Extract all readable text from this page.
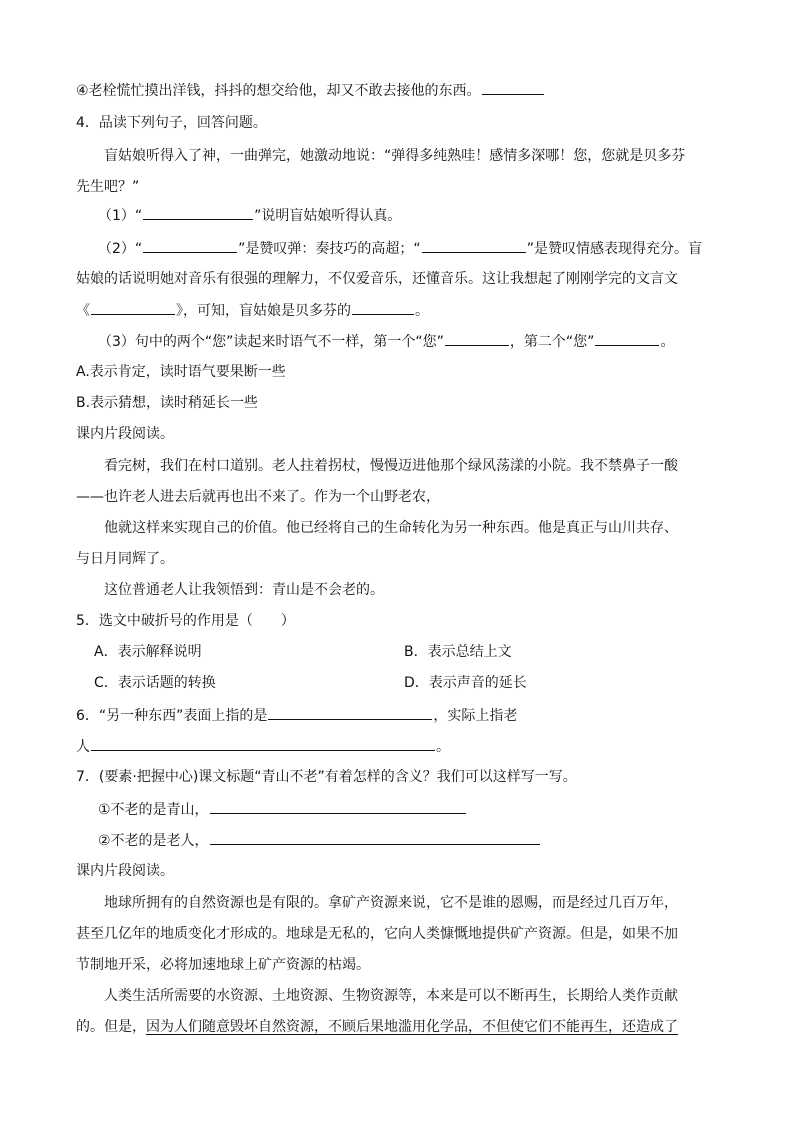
④老栓慌忙摸出洋钱，抖抖的想交给他，却又不敢去接他的东西。
4．品读下列句子，回答问题。
盲姑娘听得入了神，一曲弹完，她激动地说：“弹得多纯熟哇！感情多深哪！您，您就是贝多芬
先生吧？”
（1）“	”说明盲姑娘听得认真。
（2）“	”是赞叹弹：奏技巧的高超；“	”是赞叹情感表现得充分。盲
姑娘的话说明她对音乐有很强的理解力，不仅爱音乐，还懂音乐。这让我想起了刚刚学完的文言文
《	》，可知，盲姑娘是贝多芬的	。
（3）句中的两个“您”读起来时语气不一样，第一个“您”	，第二个“您”	。
A.表示肯定，读时语气要果断一些
B.表示猜想，读时稍延长一些
课内片段阅读。
看完树，我们在村口道别。老人拄着拐杖，慢慢迈进他那个绿风荡漾的小院。我不禁鼻子一酸
——也许老人进去后就再也出不来了。作为一个山野老农，
他就这样来实现自己的价值。他已经将自己的生命转化为另一种东西。他是真正与山川共存、
与日月同辉了。
这位普通老人让我领悟到：青山是不会老的。
5．选文中破折号的作用是（　　）
A．表示解释说明	B．表示总结上文
C．表示话题的转换	D．表示声音的延长
6．“另一种东西”表面上指的是	，实际上指老
人	。
7．(要素·把握中心)课文标题“青山不老”有着怎样的含义？我们可以这样写一写。
①不老的是青山，
②不老的是老人，
课内片段阅读。
地球所拥有的自然资源也是有限的。拿矿产资源来说，它不是谁的恩赐，而是经过几百万年，
甚至几亿年的地质变化才形成的。地球是无私的，它向人类慷慨地提供矿产资源。但是，如果不加
节制地开采，必将加速地球上矿产资源的枯竭。
人类生活所需要的水资源、土地资源、生物资源等，本来是可以不断再生，长期给人类作贡献
的。但是，因为人们随意毁坏自然资源，不顾后果地滥用化学品，不但使它们不能再生，还造成了
